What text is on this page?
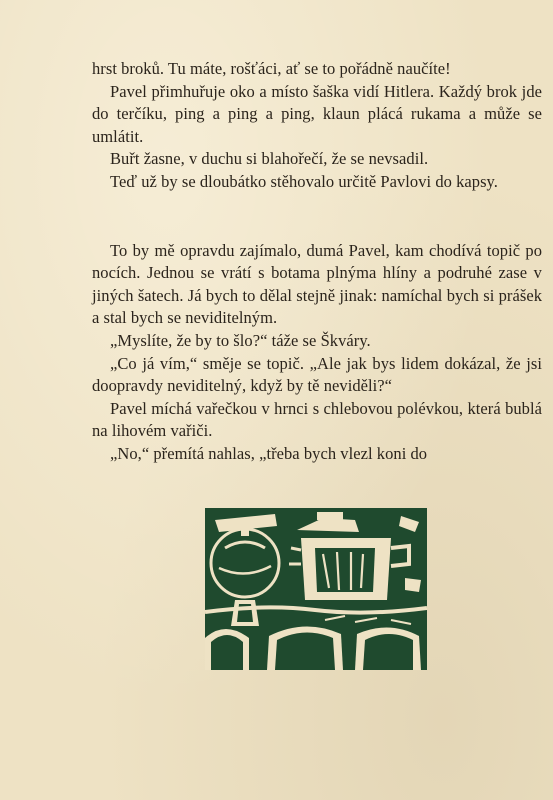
hrst broků. Tu máte, rošťáci, ať se to pořádně naučíte!

Pavel přimhuřuje oko a místo šaška vidí Hitlera. Každý brok jde do terčíku, ping a ping a ping, klaun plácá rukama a může se umlátit.

Buřt žasne, v duchu si blahořečí, že se nevsadil.

Teď už by se dloubátko stěhovalo určitě Pavlovi do kapsy.

To by mě opravdu zajímalo, dumá Pavel, kam chodívá topič po nocích. Jednou se vrátí s botama plnýma hlíny a podruhé zase v jiných šatech. Já bych to dělal stejně jinak: namíchal bych si prášek a stal bych se neviditelným.

„Myslíte, že by to šlo?“ táže se Škváry.

„Co já vím,“ směje se topič. „Ale jak bys lidem dokázal, že jsi doopravdy neviditelný, když by tě neviděli?“

Pavel míchá vařečkou v hrnci s chlebovou polévkou, která bublá na lihovém vařiči.

„No,“ přemítá nahlas, „třeba bych vlezl koni do
